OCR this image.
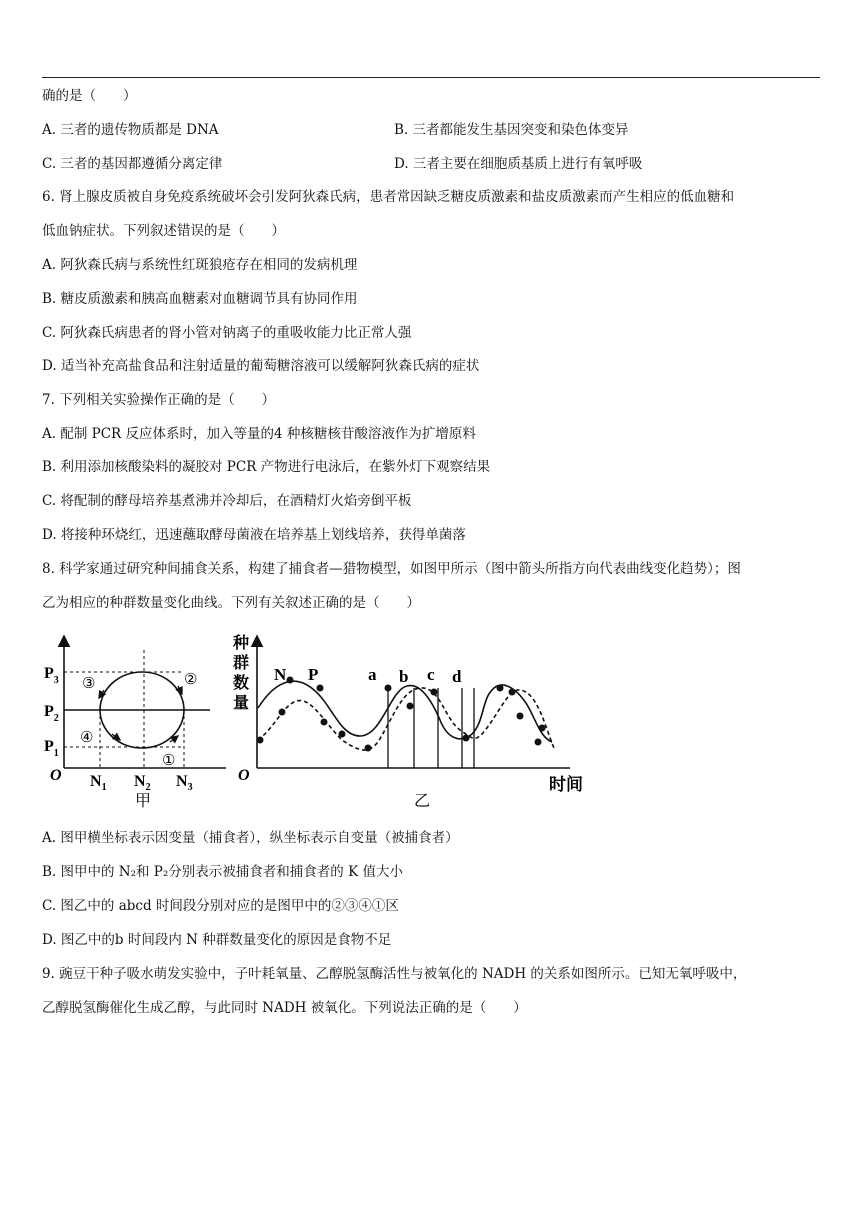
确的是（　　）
A. 三者的遗传物质都是 DNA	B. 三者都能发生基因突变和染色体变异
C. 三者的基因都遵循分离定律	D. 三者主要在细胞质基质上进行有氧呼吸
6. 肾上腺皮质被自身免疫系统破坏会引发阿狄森氏病，患者常因缺乏糖皮质激素和盐皮质激素而产生相应的低血糖和
低血钠症状。下列叙述错误的是（　　）
A. 阿狄森氏病与系统性红斑狼疮存在相同的发病机理
B. 糖皮质激素和胰高血糖素对血糖调节具有协同作用
C. 阿狄森氏病患者的肾小管对钠离子的重吸收能力比正常人强
D. 适当补充高盐食品和注射适量的葡萄糖溶液可以缓解阿狄森氏病的症状
7. 下列相关实验操作正确的是（　　）
A. 配制 PCR 反应体系时，加入等量的4 种核糖核苷酸溶液作为扩增原料
B. 利用添加核酸染料的凝胶对 PCR 产物进行电泳后，在紫外灯下观察结果
C. 将配制的酵母培养基煮沸并冷却后，在酒精灯火焰旁倒平板
D. 将接种环烧红，迅速蘸取酵母菌液在培养基上划线培养，获得单菌落
8. 科学家通过研究种间捕食关系，构建了捕食者—猎物模型，如图甲所示（图中箭头所指方向代表曲线变化趋势）；图
乙为相应的种群数量变化曲线。下列有关叙述正确的是（　　）
③	②
④
①
$P_3$
$P_2$
$P_1$
O $N_1$ $N_2$ $N_3$
甲
种
群
数
量
O	时间
乙
N P	a b c d
A. 图甲横坐标表示因变量（捕食者），纵坐标表示自变量（被捕食者）
B. 图甲中的 N₂和 P₂分别表示被捕食者和捕食者的 K 值大小
C. 图乙中的 abcd 时间段分别对应的是图甲中的②③④①区
D. 图乙中的b 时间段内 N 种群数量变化的原因是食物不足
9. 豌豆干种子吸水萌发实验中，子叶耗氧量、乙醇脱氢酶活性与被氧化的 NADH 的关系如图所示。已知无氧呼吸中，
乙醇脱氢酶催化生成乙醇，与此同时 NADH 被氧化。下列说法正确的是（　　）
